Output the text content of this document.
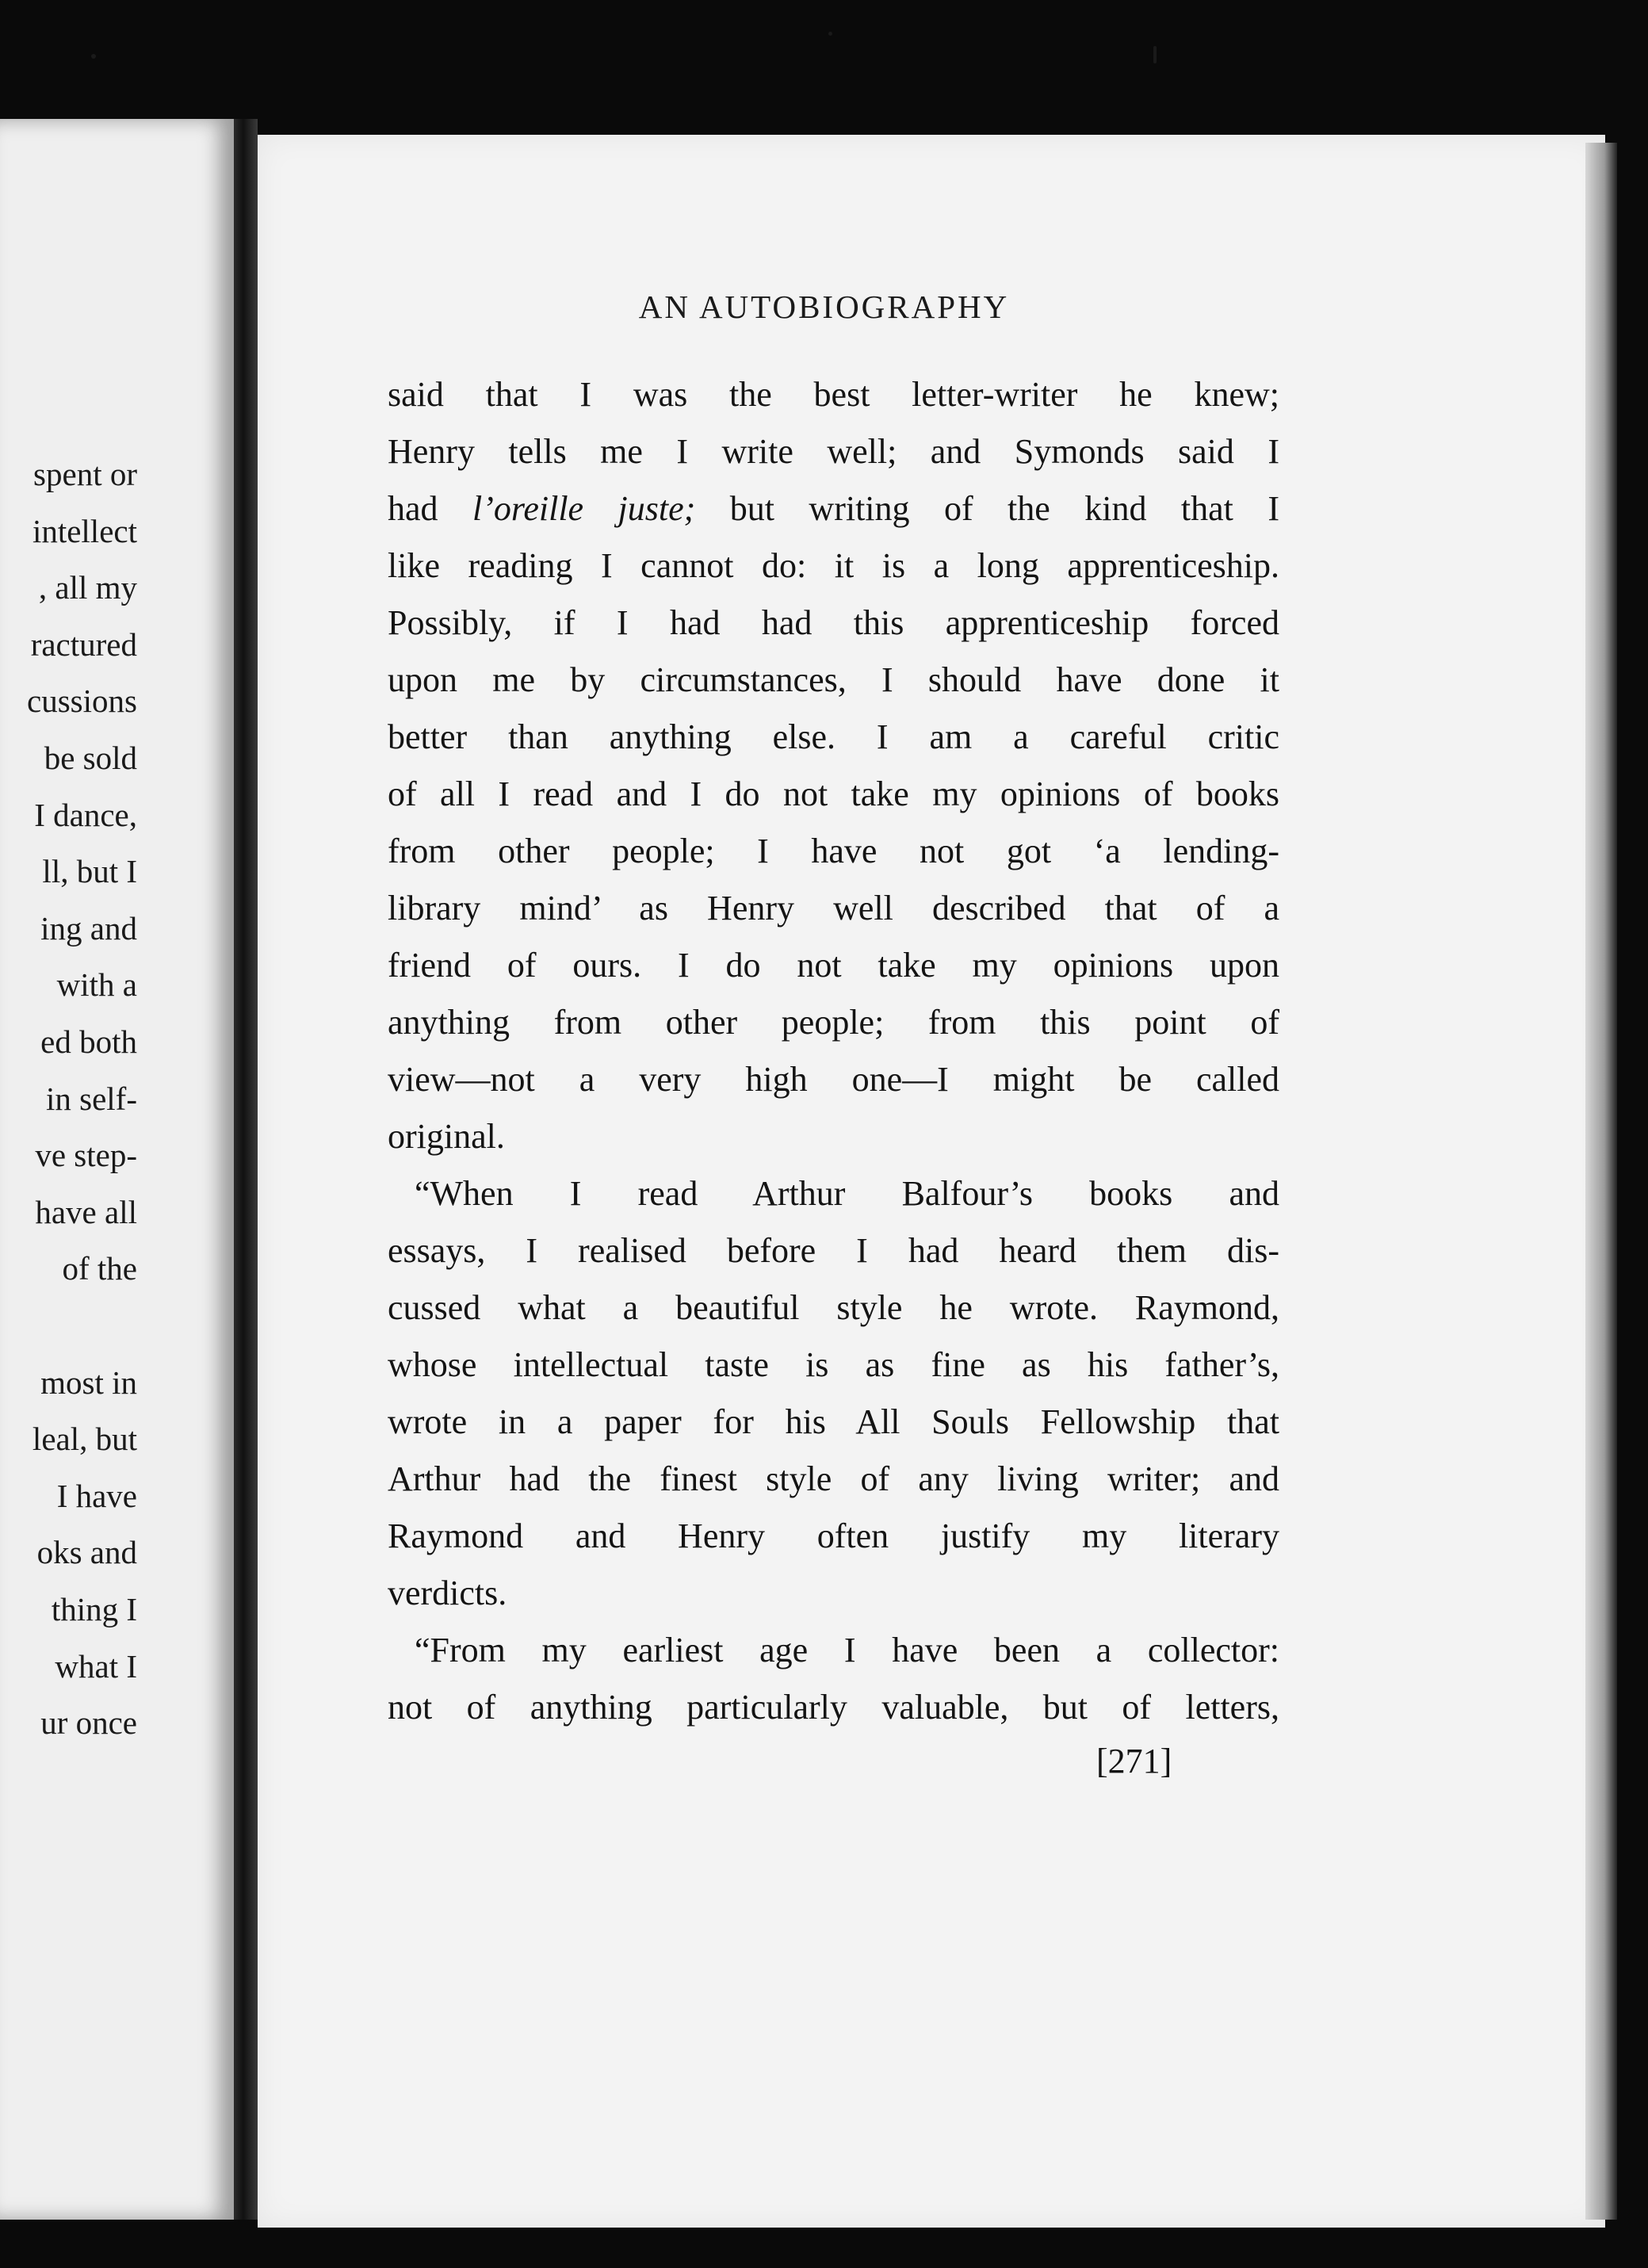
spent or
intellect
, all my
ractured
cussions
be sold
I dance,
ll, but I
ing and
with a
ed both
in self-
ve step-
have all
of the
most in
leal, but
I have
oks and
thing I
what I
ur once
AN AUTOBIOGRAPHY
said that I was the best letter-writer he knew;
Henry tells me I write well; and Symonds said I
had l’oreille juste; but writing of the kind that I
like reading I cannot do: it is a long apprenticeship.
Possibly, if I had had this apprenticeship forced
upon me by circumstances, I should have done it
better than anything else. I am a careful critic
of all I read and I do not take my opinions of books
from other people; I have not got ‘a lending-
library mind’ as Henry well described that of a
friend of ours. I do not take my opinions upon
anything from other people; from this point of
view—not a very high one—I might be called
original.
“When I read Arthur Balfour’s books and
essays, I realised before I had heard them dis-
cussed what a beautiful style he wrote. Raymond,
whose intellectual taste is as fine as his father’s,
wrote in a paper for his All Souls Fellowship that
Arthur had the finest style of any living writer; and
Raymond and Henry often justify my literary
verdicts.
“From my earliest age I have been a collector:
not of anything particularly valuable, but of letters,
[271]
